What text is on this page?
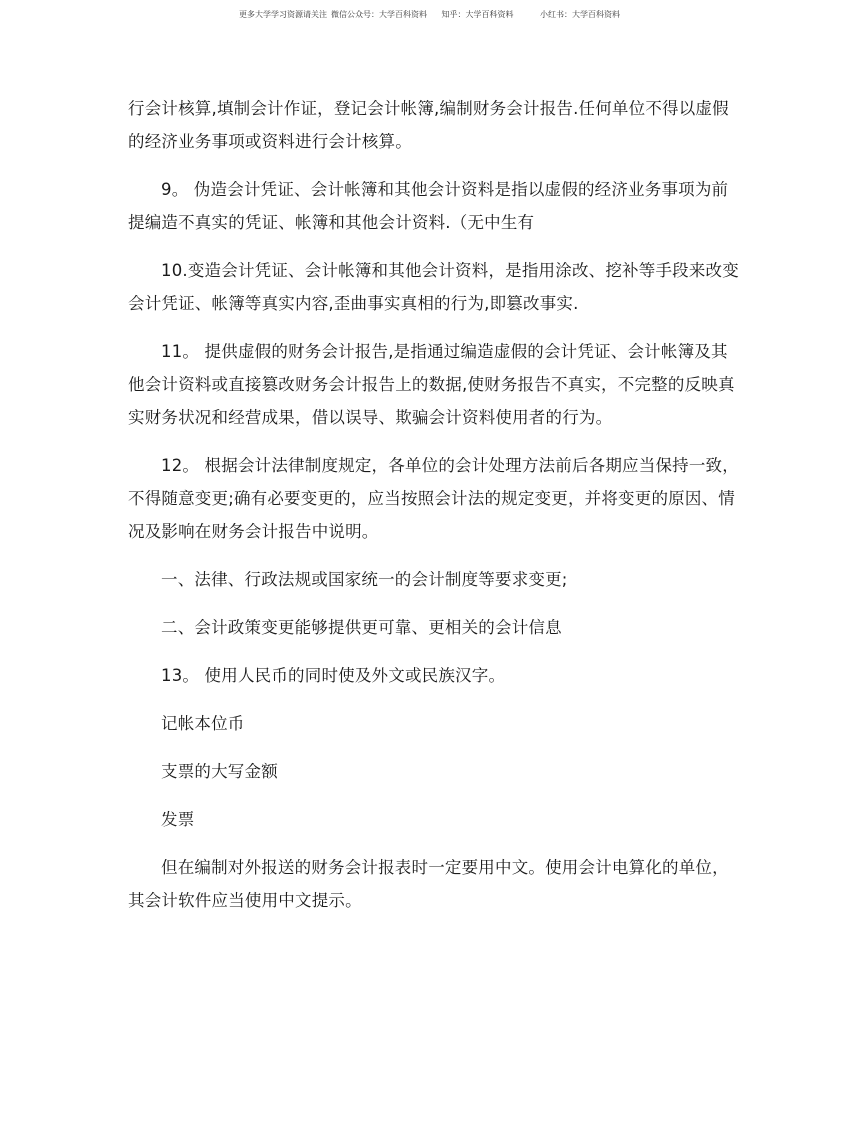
更多大学学习资源请关注 微信公众号：大学百科资料 知乎：大学百科资料	小红书：大学百科资料

行会计核算,填制会计作证，登记会计帐簿,编制财务会计报告.任何单位不得以虚假的经济业务事项或资料进行会计核算。

9。 伪造会计凭证、会计帐簿和其他会计资料是指以虚假的经济业务事项为前提编造不真实的凭证、帐簿和其他会计资料.（无中生有

10.变造会计凭证、会计帐簿和其他会计资料，是指用涂改、挖补等手段来改变会计凭证、帐簿等真实内容,歪曲事实真相的行为,即篡改事实.

11。 提供虚假的财务会计报告,是指通过编造虚假的会计凭证、会计帐簿及其他会计资料或直接篡改财务会计报告上的数据,使财务报告不真实，不完整的反映真实财务状况和经营成果，借以误导、欺骗会计资料使用者的行为。

12。 根据会计法律制度规定，各单位的会计处理方法前后各期应当保持一致，不得随意变更;确有必要变更的，应当按照会计法的规定变更，并将变更的原因、情况及影响在财务会计报告中说明。

一、法律、行政法规或国家统一的会计制度等要求变更;

二、会计政策变更能够提供更可靠、更相关的会计信息

13。 使用人民币的同时使及外文或民族汉字。

记帐本位币

支票的大写金额

发票

但在编制对外报送的财务会计报表时一定要用中文。使用会计电算化的单位，其会计软件应当使用中文提示。
